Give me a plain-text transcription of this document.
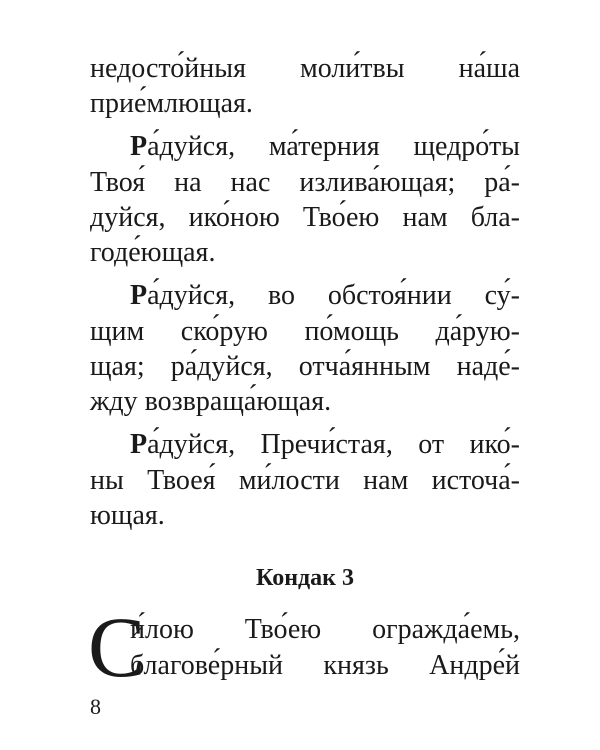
недосто́йныя моли́твы на́ша
прие́млющая.
Ра́дуйся, ма́терния щедро́ты
Твоя́ на нас излива́ющая; ра́-
дуйся, ико́ною Тво́ею нам бла-
годе́ющая.
Ра́дуйся, во обстоя́нии су́-
щим ско́рую по́мощь да́рую-
щая; ра́дуйся, отча́янным наде́-
жду возвраща́ющая.
Ра́дуйся, Пречи́стая, от ико́-
ны Твоея́ ми́лости нам источа́-
ющая.
Кондак 3
С
и́лою Тво́ею огражда́емь,
благове́рный князь Андре́й
8
